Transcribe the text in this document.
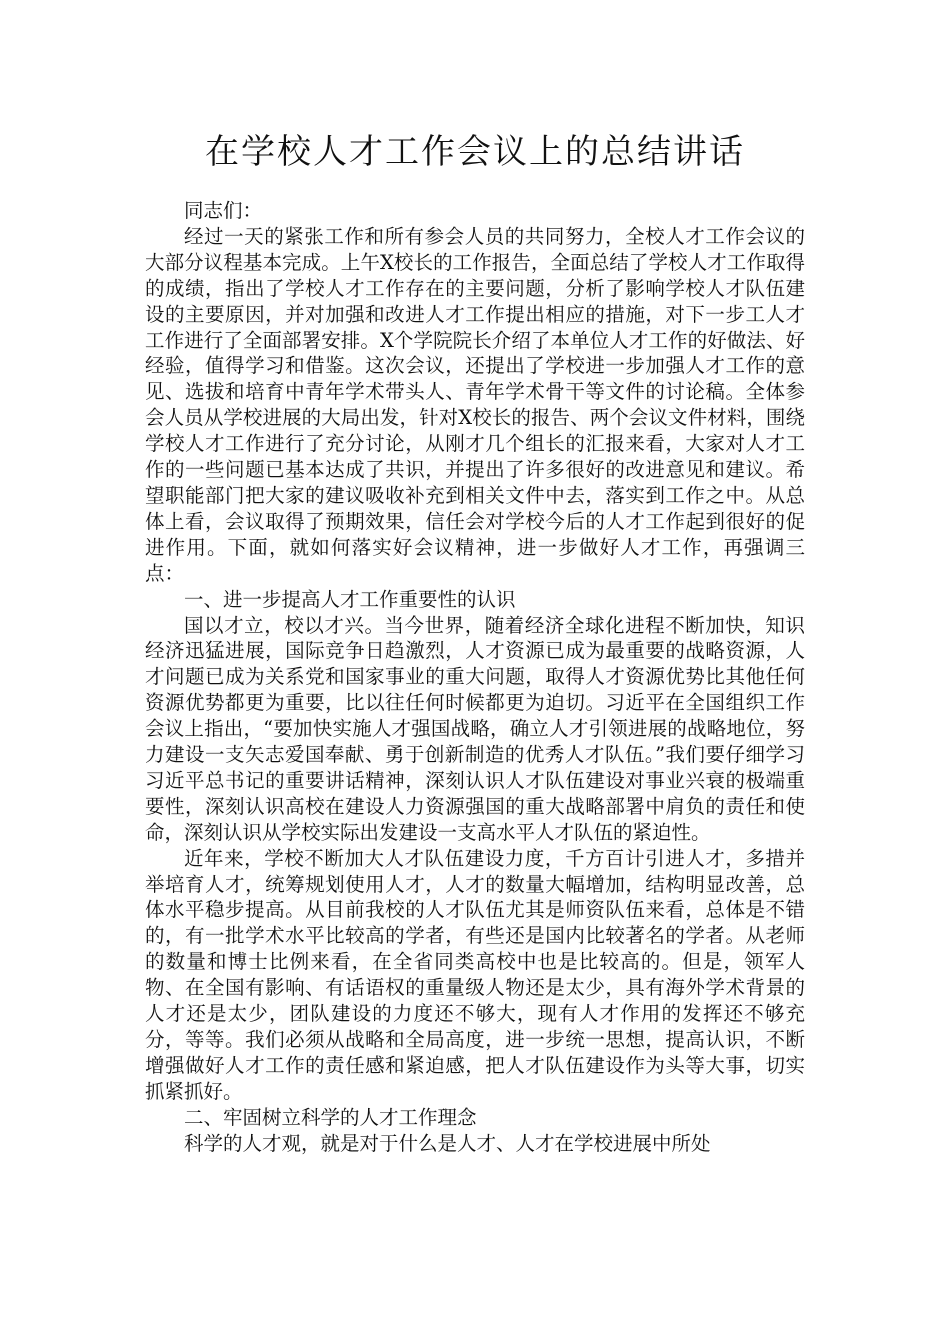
在学校人才工作会议上的总结讲话

同志们：

经过一天的紧张工作和所有参会人员的共同努力，全校人才工作会议的大部分议程基本完成。上午X校长的工作报告，全面总结了学校人才工作取得的成绩，指出了学校人才工作存在的主要问题，分析了影响学校人才队伍建设的主要原因，并对加强和改进人才工作提出相应的措施，对下一步工人才工作进行了全面部署安排。X个学院院长介绍了本单位人才工作的好做法、好经验，值得学习和借鉴。这次会议，还提出了学校进一步加强人才工作的意见、选拔和培育中青年学术带头人、青年学术骨干等文件的讨论稿。全体参会人员从学校进展的大局出发，针对X校长的报告、两个会议文件材料，围绕学校人才工作进行了充分讨论，从刚才几个组长的汇报来看，大家对人才工作的一些问题已基本达成了共识，并提出了许多很好的改进意见和建议。希望职能部门把大家的建议吸收补充到相关文件中去，落实到工作之中。从总体上看，会议取得了预期效果，信任会对学校今后的人才工作起到很好的促进作用。下面，就如何落实好会议精神，进一步做好人才工作，再强调三点：

一、进一步提高人才工作重要性的认识

国以才立，校以才兴。当今世界，随着经济全球化进程不断加快，知识经济迅猛进展，国际竞争日趋激烈，人才资源已成为最重要的战略资源，人才问题已成为关系党和国家事业的重大问题，取得人才资源优势比其他任何资源优势都更为重要，比以往任何时候都更为迫切。习近平在全国组织工作会议上指出，“要加快实施人才强国战略，确立人才引领进展的战略地位，努力建设一支矢志爱国奉献、勇于创新制造的优秀人才队伍。”我们要仔细学习习近平总书记的重要讲话精神，深刻认识人才队伍建设对事业兴衰的极端重要性，深刻认识高校在建设人力资源强国的重大战略部署中肩负的责任和使命，深刻认识从学校实际出发建设一支高水平人才队伍的紧迫性。

近年来，学校不断加大人才队伍建设力度，千方百计引进人才，多措并举培育人才，统筹规划使用人才，人才的数量大幅增加，结构明显改善，总体水平稳步提高。从目前我校的人才队伍尤其是师资队伍来看，总体是不错的，有一批学术水平比较高的学者，有些还是国内比较著名的学者。从老师的数量和博士比例来看，在全省同类高校中也是比较高的。但是，领军人物、在全国有影响、有话语权的重量级人物还是太少，具有海外学术背景的人才还是太少，团队建设的力度还不够大，现有人才作用的发挥还不够充分，等等。我们必须从战略和全局高度，进一步统一思想，提高认识，不断增强做好人才工作的责任感和紧迫感，把人才队伍建设作为头等大事，切实抓紧抓好。

二、牢固树立科学的人才工作理念

科学的人才观，就是对于什么是人才、人才在学校进展中所处
